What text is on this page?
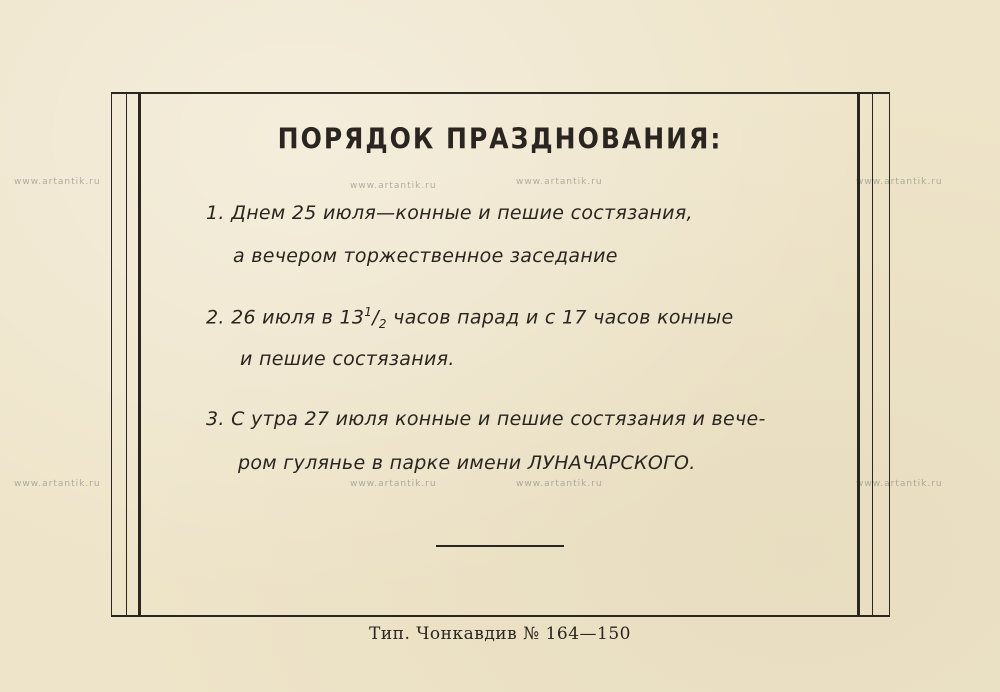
www.artantik.ru	www.artantik.ru	www.artantik.ru	www.artantik.ru
www.artantik.ru	www.artantik.ru	www.artantik.ru	www.artantik.ru
ПОРЯДОК ПРАЗДНОВАНИЯ:
1. Днем 25 июля—конные и пешие состязания,
а вечером торжественное заседание
2. 26 июля в $13^1/_2$ часов парад и с 17 часов конные
и пешие состязания.
3. С утра 27 июля конные и пешие состязания и вече-
ром гулянье в парке имени ЛУНАЧАРСКОГО.
Тип. Чонкавдив № 164—150
